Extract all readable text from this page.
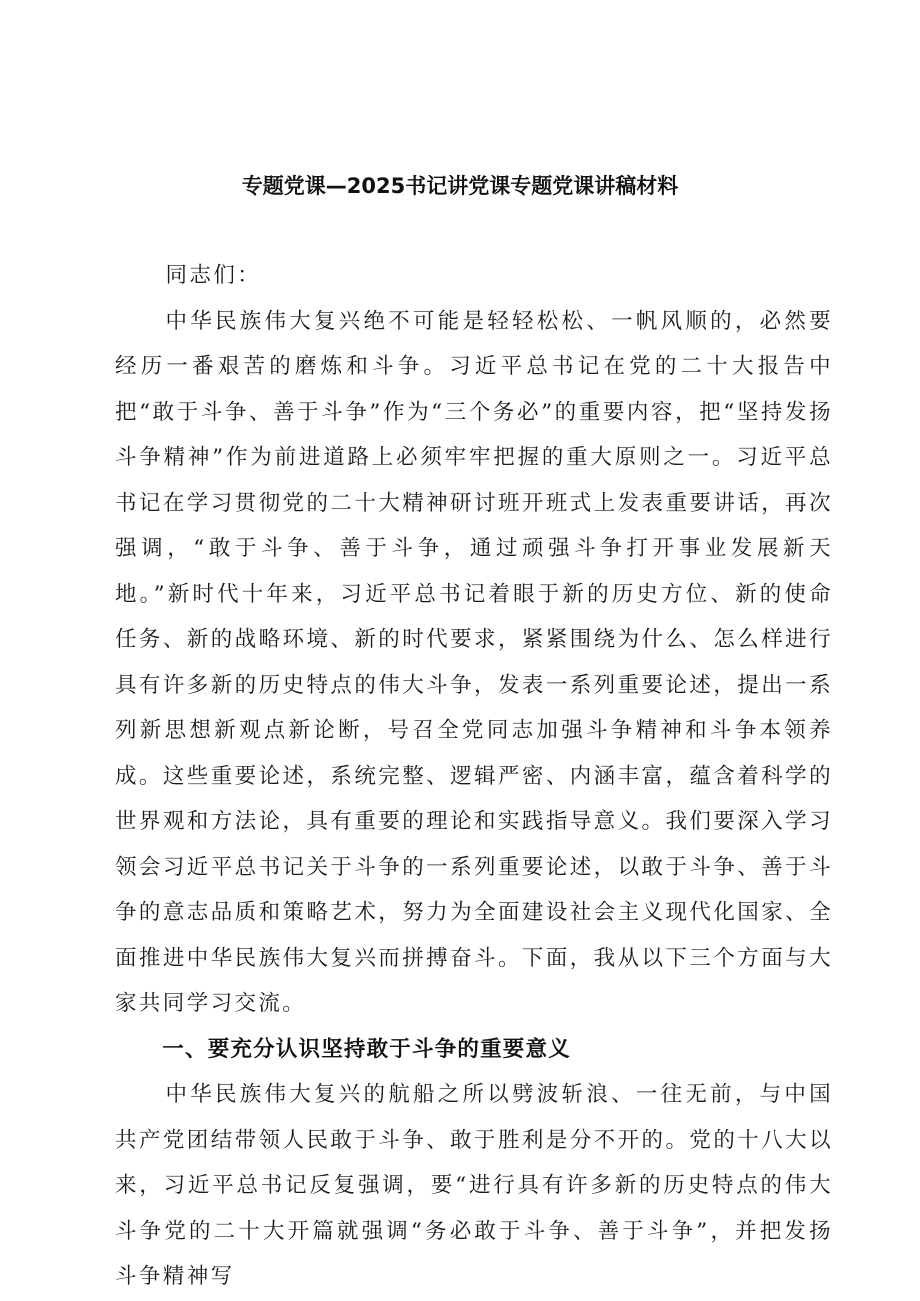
专题党课—2025书记讲党课专题党课讲稿材料

同志们：

中华民族伟大复兴绝不可能是轻轻松松、一帆风顺的，必然要经历一番艰苦的磨炼和斗争。习近平总书记在党的二十大报告中把“敢于斗争、善于斗争”作为“三个务必”的重要内容，把“坚持发扬斗争精神”作为前进道路上必须牢牢把握的重大原则之一。习近平总书记在学习贯彻党的二十大精神研讨班开班式上发表重要讲话，再次强调，“敢于斗争、善于斗争，通过顽强斗争打开事业发展新天地。”新时代十年来，习近平总书记着眼于新的历史方位、新的使命任务、新的战略环境、新的时代要求，紧紧围绕为什么、怎么样进行具有许多新的历史特点的伟大斗争，发表一系列重要论述，提出一系列新思想新观点新论断，号召全党同志加强斗争精神和斗争本领养成。这些重要论述，系统完整、逻辑严密、内涵丰富，蕴含着科学的世界观和方法论，具有重要的理论和实践指导意义。我们要深入学习领会习近平总书记关于斗争的一系列重要论述，以敢于斗争、善于斗争的意志品质和策略艺术，努力为全面建设社会主义现代化国家、全面推进中华民族伟大复兴而拼搏奋斗。下面，我从以下三个方面与大家共同学习交流。

一、要充分认识坚持敢于斗争的重要意义

中华民族伟大复兴的航船之所以劈波斩浪、一往无前，与中国共产党团结带领人民敢于斗争、敢于胜利是分不开的。党的十八大以来，习近平总书记反复强调，要“进行具有许多新的历史特点的伟大斗争党的二十大开篇就强调“务必敢于斗争、善于斗争”，并把发扬斗争精神写
